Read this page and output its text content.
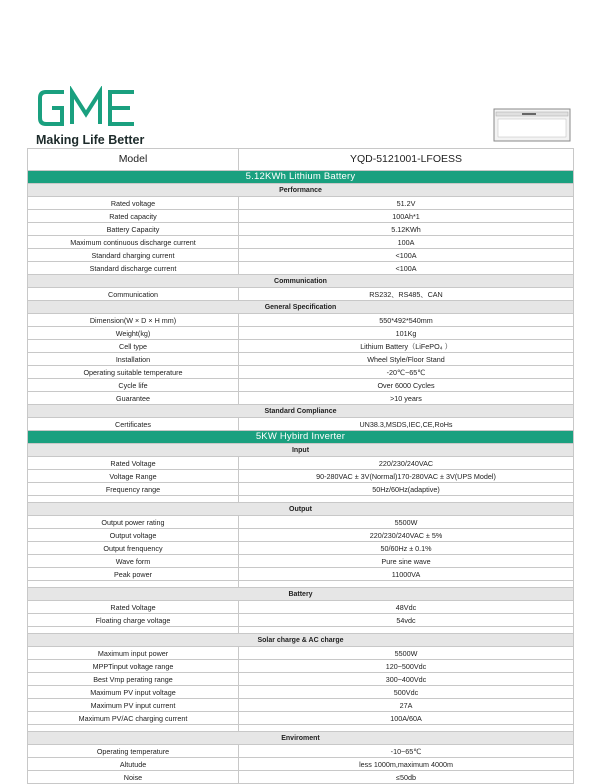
Making Life Better
Model	YQD-5121001-LFOESS
5.12KWh Lithium Battery	
Performance	
Rated voltage	51.2V
Rated capacity	100Ah*1
Battery Capacity	5.12KWh
Maximum continuous discharge current	100A
Standard charging current	<100A
Standard discharge current	<100A
Communication	
Communication	RS232、RS485、CAN
General Specification	
Dimension(W × D × H mm)	550*492*540mm
Weight(kg)	101Kg
Cell type	Lithium Battery（LiFePO₄ ）
Installation	Wheel Style/Floor Stand
Operating suitable temperature	-20℃~65℃
Cycle life	Over 6000 Cycles
Guarantee	>10 years
Standard Compliance	
Certificates	UN38.3,MSDS,IEC,CE,RoHs
5KW Hybird Inverter	
Input	
Rated Voltage	220/230/240VAC
Voltage Range	90-280VAC ± 3V(Normal)170-280VAC ± 3V(UPS Model)
Frequency range	50Hz/60Hz(adaptive)

Output	
Output power rating	5500W
Output voltage	220/230/240VAC ± 5%
Output frenquency	50/60Hz ± 0.1%
Wave form	Pure sine wave
Peak power	11000VA

Battery	
Rated Voltage	48Vdc
Floating charge voltage	54vdc

Solar charge & AC charge	
Maximum input power	5500W
MPPTinput voltage range	120~500Vdc
Best Vmp perating range	300~400Vdc
Maximum PV input voltage	500Vdc
Maximum PV input current	27A
Maximum PV/AC charging current	100A/60A

Enviroment	
Operating temperature	-10~65℃
Altutude	less 1000m,maximum 4000m
Noise	≤50db
